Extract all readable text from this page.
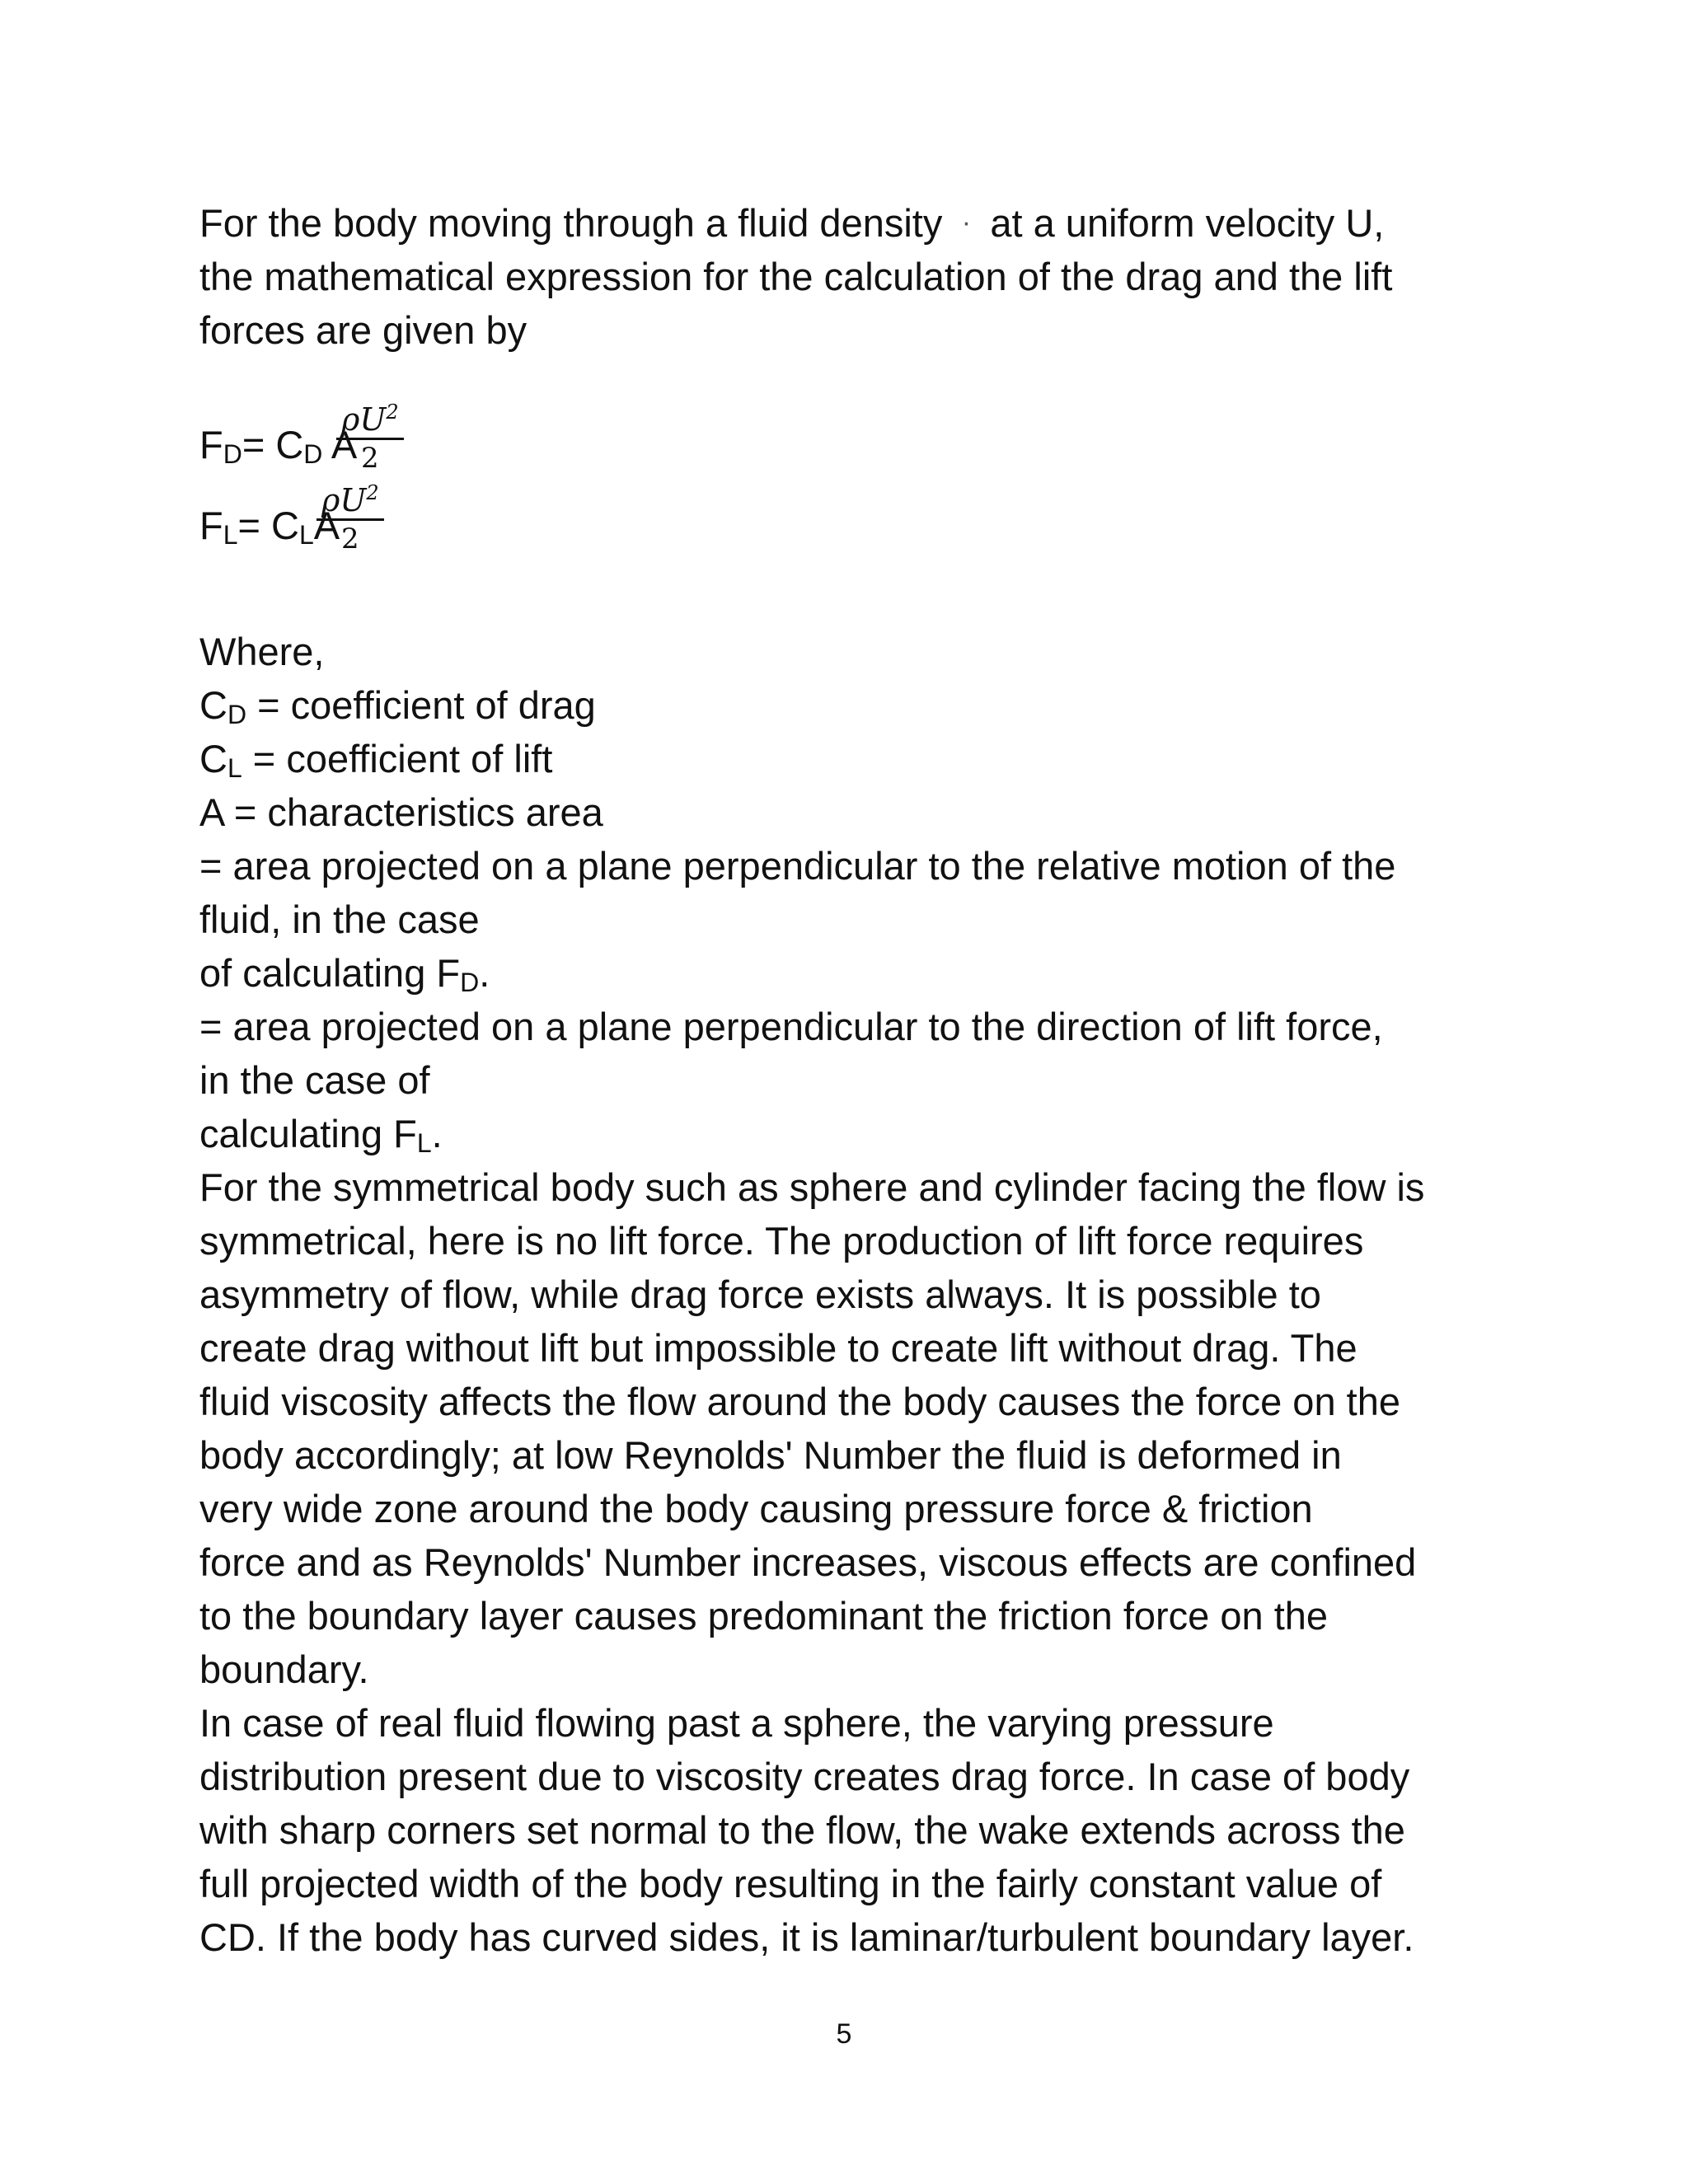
For the body moving through a fluid density · at a uniform velocity U,
the mathematical expression for the calculation of the drag and the lift
forces are given by
FD= CD A
$\frac{\rho U^2}{2}$
FL= CLA
$\frac{\rho U^2}{2}$
Where,
CD = coefficient of drag
CL = coefficient of lift
A = characteristics area
= area projected on a plane perpendicular to the relative motion of the
fluid, in the case
of calculating FD.
= area projected on a plane perpendicular to the direction of lift force,
in the case of
calculating FL.
For the symmetrical body such as sphere and cylinder facing the flow is
symmetrical, here is no lift force. The production of lift force requires
asymmetry of flow, while drag force exists always. It is possible to
create drag without lift but impossible to create lift without drag. The
fluid viscosity affects the flow around the body causes the force on the
body accordingly; at low Reynolds' Number the fluid is deformed in
very wide zone around the body causing pressure force & friction
force and as Reynolds' Number increases, viscous effects are confined
to the boundary layer causes predominant the friction force on the
boundary.
In case of real fluid flowing past a sphere, the varying pressure
distribution present due to viscosity creates drag force. In case of body
with sharp corners set normal to the flow, the wake extends across the
full projected width of the body resulting in the fairly constant value of
CD. If the body has curved sides, it is laminar/turbulent boundary layer.
5
